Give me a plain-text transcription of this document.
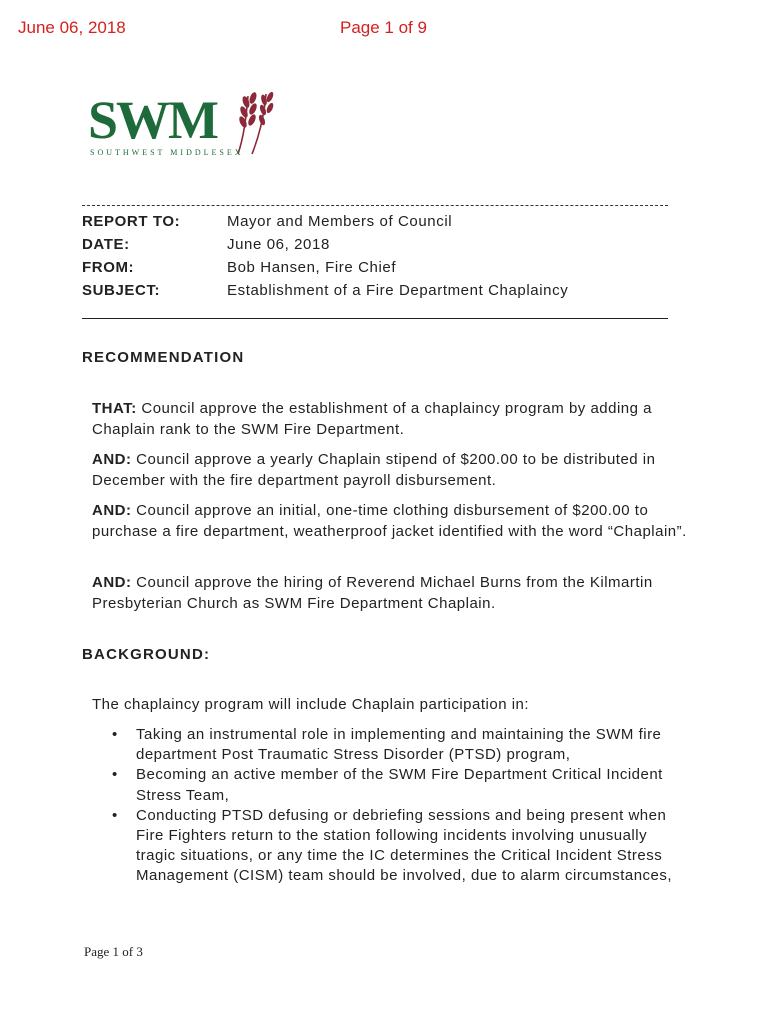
June 06, 2018	Page 1 of 9
SWM
SOUTHWEST MIDDLESEX
REPORT TO:	Mayor and Members of Council
DATE:	June 06, 2018
FROM:	Bob Hansen, Fire Chief
SUBJECT:	Establishment of a Fire Department Chaplaincy
RECOMMENDATION
THAT: Council approve the establishment of a chaplaincy program by adding a Chaplain rank to the SWM Fire Department.
AND: Council approve a yearly Chaplain stipend of $200.00 to be distributed in December with the fire department payroll disbursement.
AND: Council approve an initial, one-time clothing disbursement of $200.00 to purchase a fire department, weatherproof jacket identified with the word “Chaplain”.
AND: Council approve the hiring of Reverend Michael Burns from the Kilmartin Presbyterian Church as SWM Fire Department Chaplain.
BACKGROUND:
The chaplaincy program will include Chaplain participation in:
• Taking an instrumental role in implementing and maintaining the SWM fire department Post Traumatic Stress Disorder (PTSD) program,
• Becoming an active member of the SWM Fire Department Critical Incident Stress Team,
• Conducting PTSD defusing or debriefing sessions and being present when Fire Fighters return to the station following incidents involving unusually tragic situations, or any time the IC determines the Critical Incident Stress Management (CISM) team should be involved, due to alarm circumstances,
Page 1 of 3
